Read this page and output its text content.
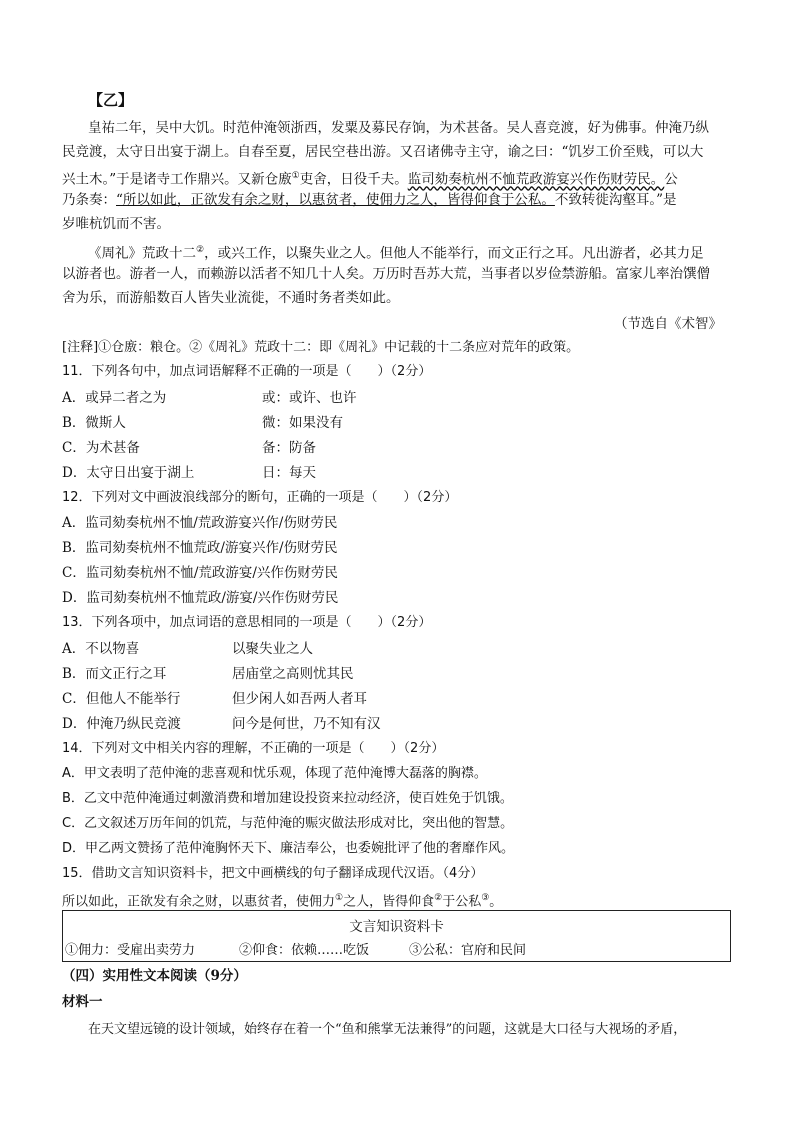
【乙】
皇祐二年，吴中大饥。时范仲淹领浙西，发粟及募民存饷，为术甚备。吴人喜竞渡，好为佛事。仲淹乃纵
民竞渡，太守日出宴于湖上。自春至夏，居民空巷出游。又召诸佛寺主守，谕之曰：“饥岁工价至贱，可以大
兴土木。”于是诸寺工作鼎兴。又新仓廒①吏舍，日役千夫。监司劾奏杭州不恤荒政游宴兴作伤财劳民。公
乃条奏：“所以如此，正欲发有余之财，以惠贫者，使佣力之人，皆得仰食于公私。不致转徙沟壑耳。”是
岁唯杭饥而不害。
《周礼》荒政十二②，或兴工作，以聚失业之人。但他人不能举行，而文正行之耳。凡出游者，必其力足
以游者也。游者一人，而赖游以活者不知几十人矣。万历时吾苏大荒，当事者以岁俭禁游船。富家儿率治馔僧
舍为乐，而游船数百人皆失业流徙，不通时务者类如此。
（节选自《术智》
[注释]①仓廒：粮仓。②《周礼》荒政十二：即《周礼》中记载的十二条应对荒年的政策。
11．下列各句中，加点词语解释不正确的一项是（　　）（2分）
A．或异二者之为	或：或许、也许
B．微斯人	微：如果没有
C．为术甚备	备：防备
D．太守日出宴于湖上	日：每天
12．下列对文中画波浪线部分的断句，正确的一项是（　　）（2分）
A．监司劾奏杭州不恤/荒政游宴兴作/伤财劳民
B．监司劾奏杭州不恤荒政/游宴兴作/伤财劳民
C．监司劾奏杭州不恤/荒政游宴/兴作伤财劳民
D．监司劾奏杭州不恤荒政/游宴/兴作伤财劳民
13．下列各项中，加点词语的意思相同的一项是（　　）（2分）
A．不以物喜	以聚失业之人
B．而文正行之耳	居庙堂之高则忧其民
C．但他人不能举行	但少闲人如吾两人者耳
D．仲淹乃纵民竞渡	问今是何世，乃不知有汉
14．下列对文中相关内容的理解，不正确的一项是（　　）（2分）
A．甲文表明了范仲淹的悲喜观和忧乐观，体现了范仲淹博大磊落的胸襟。
B．乙文中范仲淹通过刺激消费和增加建设投资来拉动经济，使百姓免于饥饿。
C．乙文叙述万历年间的饥荒，与范仲淹的赈灾做法形成对比，突出他的智慧。
D．甲乙两文赞扬了范仲淹胸怀天下、廉洁奉公，也委婉批评了他的奢靡作风。
15．借助文言知识资料卡，把文中画横线的句子翻译成现代汉语。（4分）
所以如此，正欲发有余之财，以惠贫者，使佣力①之人，皆得仰食②于公私③。
文言知识资料卡
①佣力：受雇出卖劳力	②仰食：依赖……吃饭	③公私：官府和民间
（四）实用性文本阅读（9分）
材料一
在天文望远镜的设计领域，始终存在着一个“鱼和熊掌无法兼得”的问题，这就是大口径与大视场的矛盾，
